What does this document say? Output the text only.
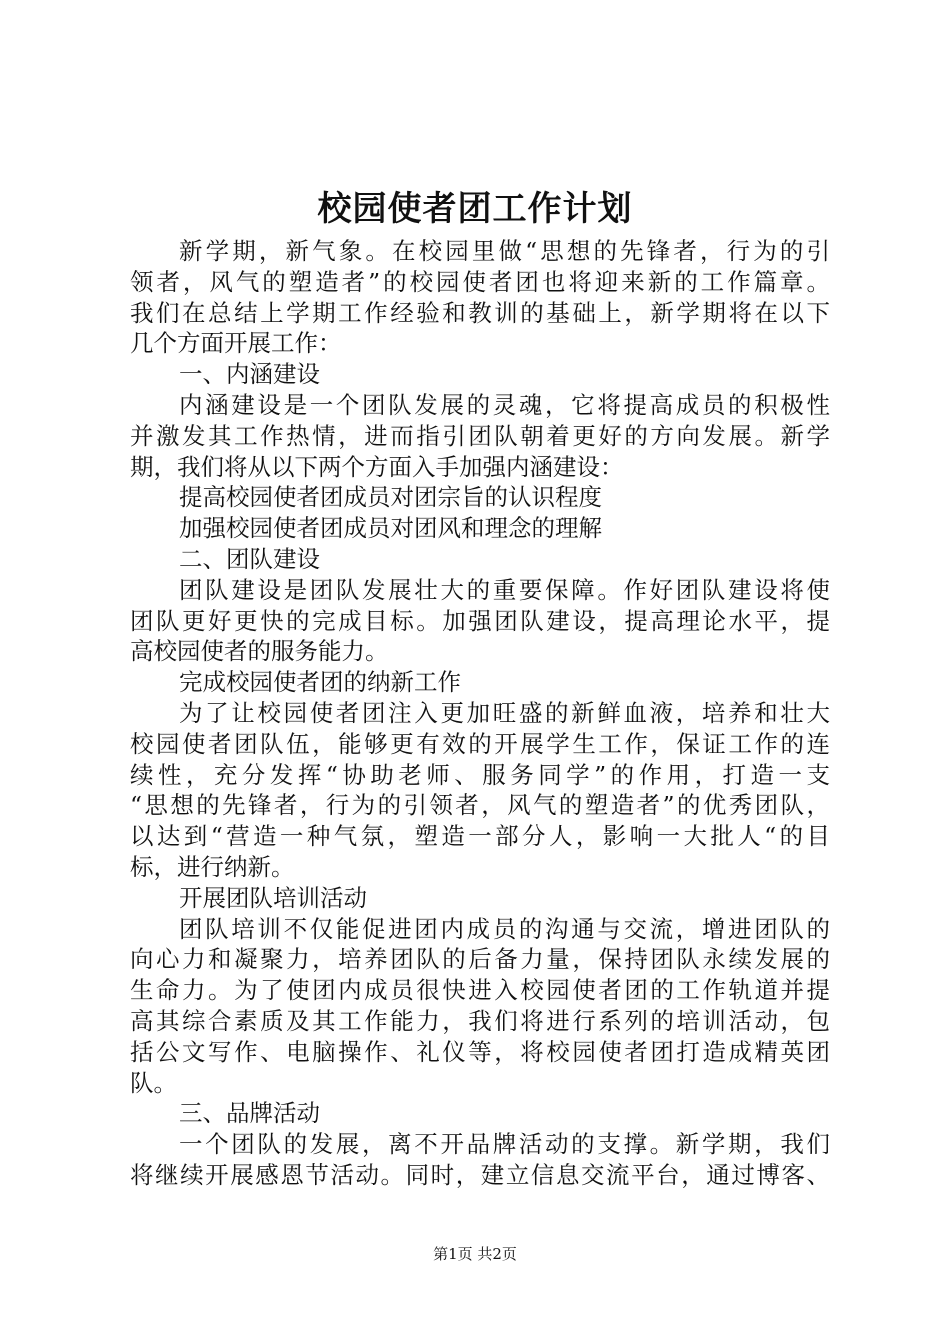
校园使者团工作计划
新学期，新气象。在校园里做“思想的先锋者，行为的引
领者，风气的塑造者”的校园使者团也将迎来新的工作篇章。
我们在总结上学期工作经验和教训的基础上，新学期将在以下
几个方面开展工作：
一、内涵建设
内涵建设是一个团队发展的灵魂，它将提高成员的积极性
并激发其工作热情，进而指引团队朝着更好的方向发展。新学
期，我们将从以下两个方面入手加强内涵建设：
提高校园使者团成员对团宗旨的认识程度
加强校园使者团成员对团风和理念的理解
二、团队建设
团队建设是团队发展壮大的重要保障。作好团队建设将使
团队更好更快的完成目标。加强团队建设，提高理论水平，提
高校园使者的服务能力。
完成校园使者团的纳新工作
为了让校园使者团注入更加旺盛的新鲜血液，培养和壮大
校园使者团队伍，能够更有效的开展学生工作，保证工作的连
续性，充分发挥“协助老师、服务同学”的作用，打造一支
“思想的先锋者，行为的引领者，风气的塑造者”的优秀团队，
以达到“营造一种气氛，塑造一部分人，影响一大批人“的目
标，进行纳新。
开展团队培训活动
团队培训不仅能促进团内成员的沟通与交流，增进团队的
向心力和凝聚力，培养团队的后备力量，保持团队永续发展的
生命力。为了使团内成员很快进入校园使者团的工作轨道并提
高其综合素质及其工作能力，我们将进行系列的培训活动，包
括公文写作、电脑操作、礼仪等，将校园使者团打造成精英团
队。
三、品牌活动
一个团队的发展，离不开品牌活动的支撑。新学期，我们
将继续开展感恩节活动。同时，建立信息交流平台，通过博客、
第1页 共2页
